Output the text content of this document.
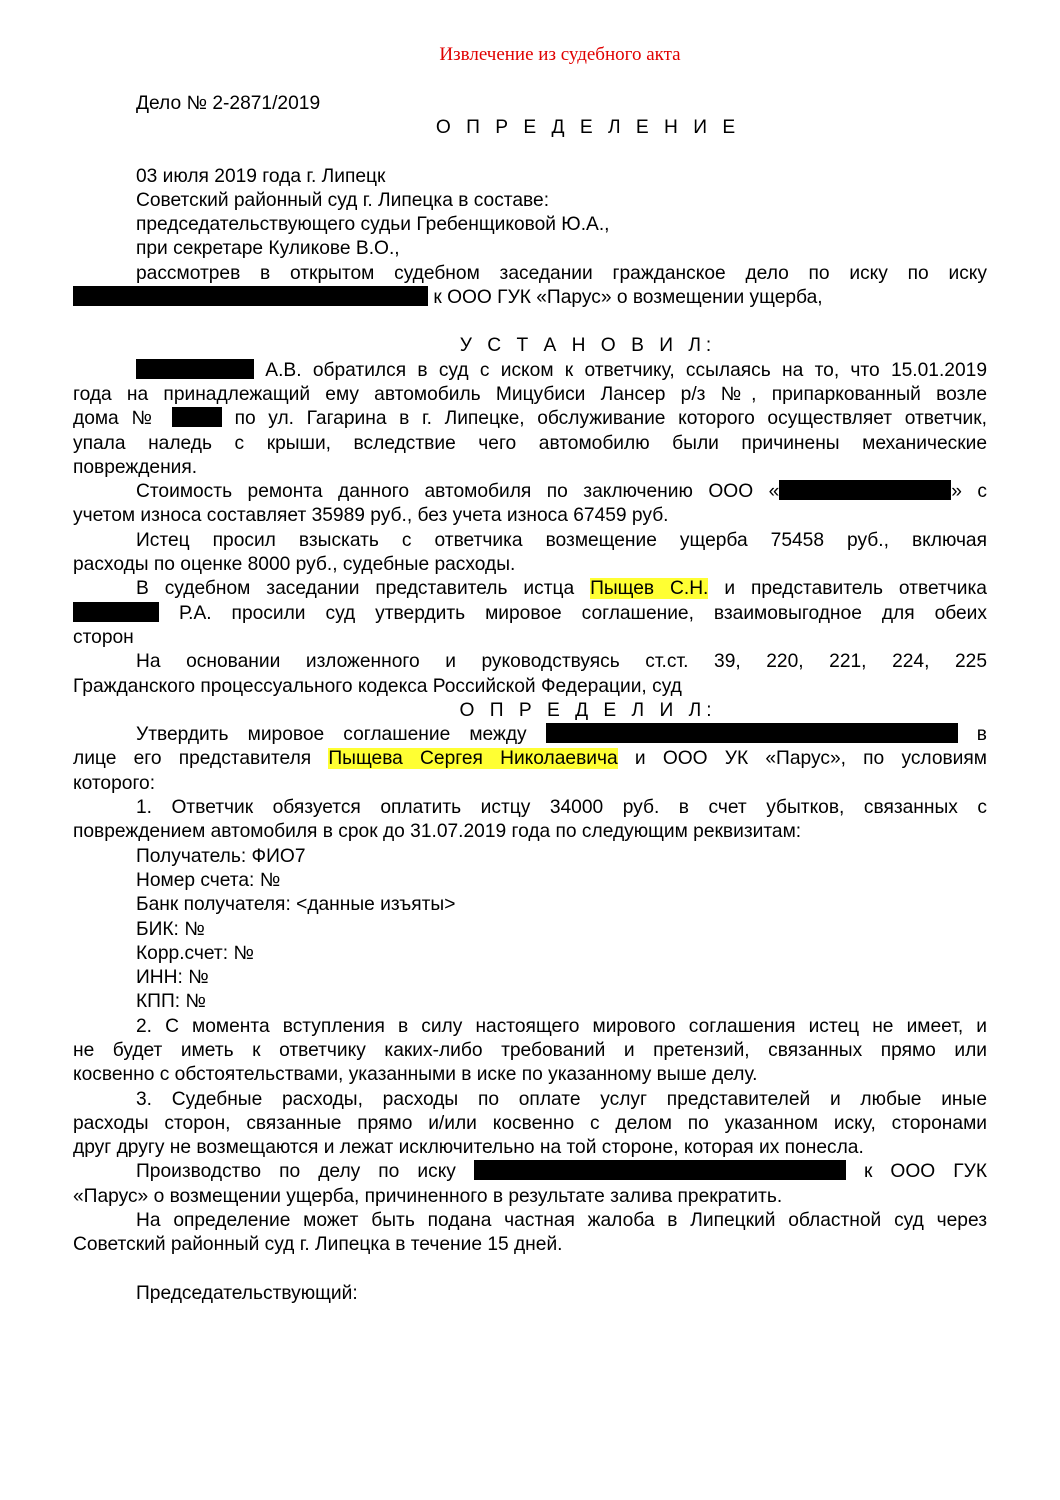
Извлечение из судебного акта
Дело № 2-2871/2019
О П Р Е Д Е Л Е Н И Е
03 июля 2019 года г. Липецк
Советский районный суд г. Липецка в составе:
председательствующего судьи Гребенщиковой Ю.А.,
при секретаре Куликове В.О.,
рассмотрев в открытом судебном заседании гражданское дело по иску по иску
к ООО ГУК «Парус» о возмещении ущерба,
У С Т А Н О В И Л:
А.В. обратился в суд с иском к ответчику, ссылаясь на то, что 15.01.2019
года на принадлежащий ему автомобиль Мицубиси Лансер р/з №, припаркованный возле
дома №	по ул. Гагарина в г. Липецке, обслуживание которого осуществляет ответчик,
упала наледь с крыши, вследствие чего автомобилю были причинены механические
повреждения.
Стоимость ремонта данного автомобиля по заключению ООО «	» с
учетом износа составляет 35989 руб., без учета износа 67459 руб.
Истец просил взыскать с ответчика возмещение ущерба 75458 руб., включая
расходы по оценке 8000 руб., судебные расходы.
В судебном заседании представитель истца Пыщев С.Н. и представитель ответчика
Р.А. просили суд утвердить мировое соглашение, взаимовыгодное для обеих
сторон
На основании изложенного и руководствуясь ст.ст. 39, 220, 221, 224, 225
Гражданского процессуального кодекса Российской Федерации, суд
О П Р Е Д Е Л И Л:
Утвердить мировое соглашение между	в
лице его представителя Пыщева Сергея Николаевича и ООО УК «Парус», по условиям
которого:
1. Ответчик обязуется оплатить истцу 34000 руб. в счет убытков, связанных с
повреждением автомобиля в срок до 31.07.2019 года по следующим реквизитам:
Получатель: ФИО7
Номер счета: №
Банк получателя: <данные изъяты>
БИК: №
Корр.счет: №
ИНН: №
КПП: №
2. С момента вступления в силу настоящего мирового соглашения истец не имеет, и
не будет иметь к ответчику каких-либо требований и претензий, связанных прямо или
косвенно с обстоятельствами, указанными в иске по указанному выше делу.
3. Судебные расходы, расходы по оплате услуг представителей и любые иные
расходы сторон, связанные прямо и/или косвенно с делом по указанном иску, сторонами
друг другу не возмещаются и лежат исключительно на той стороне, которая их понесла.
Производство по делу по иску	к ООО ГУК
«Парус» о возмещении ущерба, причиненного в результате залива прекратить.
На определение может быть подана частная жалоба в Липецкий областной суд через
Советский районный суд г. Липецка в течение 15 дней.
Председательствующий:
